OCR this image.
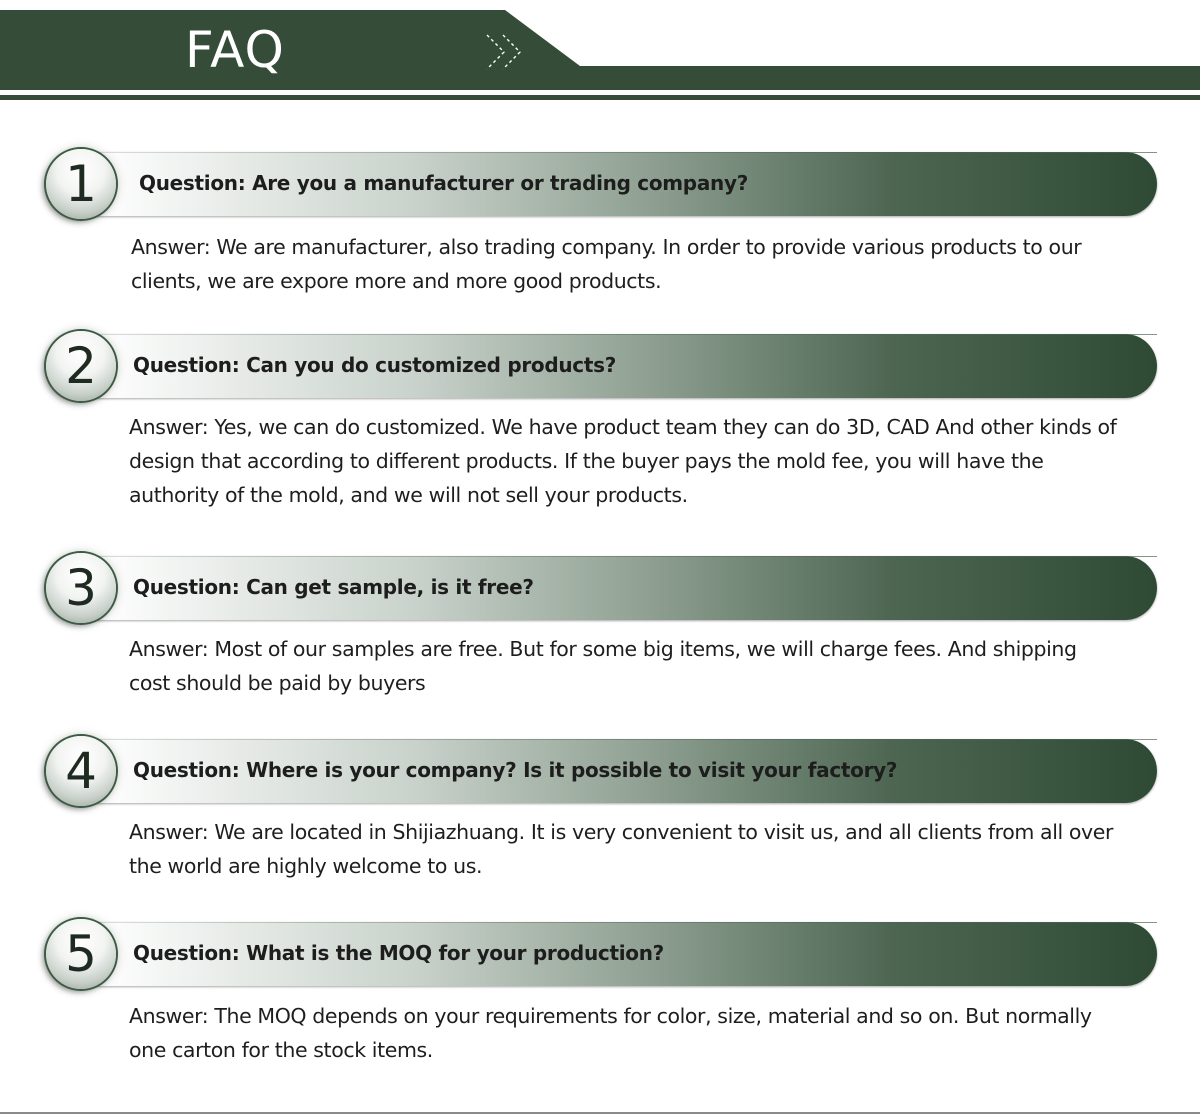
FAQ
1	Question: Are you a manufacturer or trading company?
Answer: We are manufacturer, also trading company. In order to provide various products to our clients, we are expore more and more good products.
2	Question: Can you do customized products?
Answer: Yes, we can do customized. We have product team they can do 3D, CAD And other kinds of design that according to different products. If the buyer pays the mold fee, you will have the authority of the mold, and we will not sell your products.
3	Question: Can get sample, is it free?
Answer: Most of our samples are free. But for some big items, we will charge fees. And shipping cost should be paid by buyers
4	Question: Where is your company? Is it possible to visit your factory?
Answer: We are located in Shijiazhuang. It is very convenient to visit us, and all clients from all over the world are highly welcome to us.
5	Question: What is the MOQ for your production?
Answer: The MOQ depends on your requirements for color, size, material and so on. But normally one carton for the stock items.
